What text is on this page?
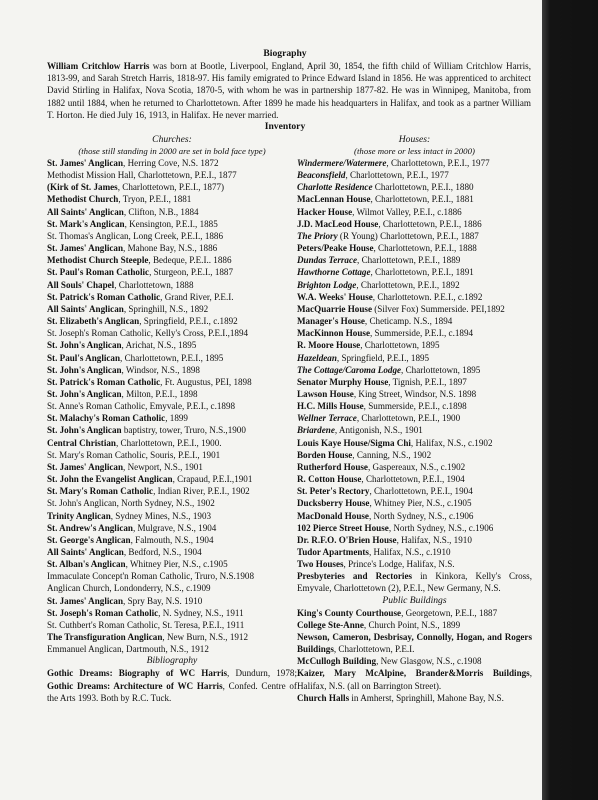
Biography

William Critchlow Harris was born at Bootle, Liverpool, England, April 30, 1854, the fifth child of William Critchlow Harris, 1813-99, and Sarah Stretch Harris, 1818-97. His family emigrated to Prince Edward Island in 1856. He was apprenticed to architect David Stirling in Halifax, Nova Scotia, 1870-5, with whom he was in partnership 1877-82. He was in Winnipeg, Manitoba, from 1882 until 1884, when he returned to Charlottetown. After 1899 he made his headquarters in Halifax, and took as a partner William T. Horton. He died July 16, 1913, in Halifax. He never married.

Inventory
Churches:
(those still standing in 2000 are set in bold face type)
St. James' Anglican, Herring Cove, N.S. 1872
Methodist Mission Hall, Charlottetown, P.E.I., 1877
(Kirk of St. James, Charlottetown, P.E.I., 1877)
Methodist Church, Tryon, P.E.I., 1881
All Saints' Anglican, Clifton, N.B., 1884
St. Mark's Anglican, Kensington, P.E.I., 1885
St. Thomas's Anglican, Long Creek, P.E.I., 1886
St. James' Anglican, Mahone Bay, N.S., 1886
Methodist Church Steeple, Bedeque, P.E.I.. 1886
St. Paul's Roman Catholic, Sturgeon, P.E.I., 1887
All Souls' Chapel, Charlottetown, 1888
St. Patrick's Roman Catholic, Grand River, P.E.I.
All Saints' Anglican, Springhill, N.S., 1892
St. Elizabeth's Anglican, Springfield, P.E.I., c.1892
St. Joseph's Roman Catholic, Kelly's Cross, P.E.I.,1894
St. John's Anglican, Arichat, N.S., 1895
St. Paul's Anglican, Charlottetown, P.E.I., 1895
St. John's Anglican, Windsor, N.S., 1898
St. Patrick's Roman Catholic, Ft. Augustus, PEI, 1898
St. John's Anglican, Milton, P.E.I., 1898
St. Anne's Roman Catholic, Emyvale, P.E.I., c.1898
St. Malachy's Roman Catholic, 1899
St. John's Anglican baptistry, tower, Truro, N.S.,1900
Central Christian, Charlottetown, P.E.I., 1900.
St. Mary's Roman Catholic, Souris, P.E.I., 1901
St. James' Anglican, Newport, N.S., 1901
St. John the Evangelist Anglican, Crapaud, P.E.I.,1901
St. Mary's Roman Catholic, Indian River, P.E.I., 1902
St. John's Anglican, North Sydney, N.S., 1902
Trinity Anglican, Sydney Mines, N.S., 1903
St. Andrew's Anglican, Mulgrave, N.S., 1904
St. George's Anglican, Falmouth, N.S., 1904
All Saints' Anglican, Bedford, N.S., 1904
St. Alban's Anglican, Whitney Pier, N.S., c.1905
Immaculate Concept'n Roman Catholic, Truro, N.S.1908
Anglican Church, Londonderry, N.S., c.1909
St. James' Anglican, Spry Bay, N.S. 1910
St. Joseph's Roman Catholic, N. Sydney, N.S., 1911
St. Cuthbert's Roman Catholic, St. Teresa, P.E.I., 1911
The Transfiguration Anglican, New Burn, N.S., 1912
Emmanuel Anglican, Dartmouth, N.S., 1912
Bibliography
Gothic Dreams: Biography of WC Harris, Dundurn, 1978; Gothic Dreams: Architecture of WC Harris, Confed. Centre of the Arts 1993. Both by R.C. Tuck.
Houses:
(those more or less intact in 2000)
Windermere/Watermere, Charlottetown, P.E.I., 1977
Beaconsfield, Charlottetown, P.E.I., 1977
Charlotte Residence Charlottetown, P.E.I., 1880
MacLennan House, Charlottetown, P.E.I., 1881
Hacker House, Wilmot Valley, P.E.I., c.1886
J.D. MacLeod House, Charlottetown, P.E.I., 1886
The Priory (R Young) Charlottetown, P.E.I., 1887
Peters/Peake House, Charlottetown, P.E.I., 1888
Dundas Terrace, Charlottetown, P.E.I., 1889
Hawthorne Cottage, Charlottetown, P.E.I., 1891
Brighton Lodge, Charlottetown, P.E.I., 1892
W.A. Weeks' House, Charlottetown. P.E.I., c.1892
MacQuarrie House (Silver Fox) Summerside. PEI,1892
Manager's House, Cheticamp. N.S., 1894
MacKinnon House, Summerside, P.E.I., c.1894
R. Moore House, Charlottetown, 1895
Hazeldean, Springfield, P.E.I., 1895
The Cottage/Caroma Lodge, Charlottetown, 1895
Senator Murphy House, Tignish, P.E.I., 1897
Lawson House, King Street, Windsor, N.S. 1898
H.C. Mills House, Summerside, P.E.I., c.1898
Wellner Terrace, Charlottetown, P.E.I., 1900
Briardene, Antigonish, N.S., 1901
Louis Kaye House/Sigma Chi, Halifax, N.S., c.1902
Borden House, Canning, N.S., 1902
Rutherford House, Gaspereaux, N.S., c.1902
R. Cotton House, Charlottetown, P.E.I., 1904
St. Peter's Rectory, Charlottetown, P.E.I., 1904
Ducksberry House, Whitney Pier, N.S., c.1905
MacDonald House, North Sydney, N.S., c.1906
102 Pierce Street House, North Sydney, N.S., c.1906
Dr. R.F.O. O'Brien House, Halifax, N.S., 1910
Tudor Apartments, Halifax, N.S., c.1910
Two Houses, Prince's Lodge, Halifax, N.S.
Presbyteries and Rectories in Kinkora, Kelly's Cross, Emyvale, Charlottetown (2), P.E.I., New Germany, N.S.
Public Buildings
King's County Courthouse, Georgetown, P.E.I., 1887
College Ste-Anne, Church Point, N.S., 1899
Newson, Cameron, Desbrisay, Connolly, Hogan, and Rogers Buildings, Charlottetown, P.E.I.
McCullogh Building, New Glasgow, N.S., c.1908
Kaizer, Mary McAlpine, Brander&Morris Buildings, Halifax, N.S. (all on Barrington Street).
Church Halls in Amherst, Springhill, Mahone Bay, N.S.
